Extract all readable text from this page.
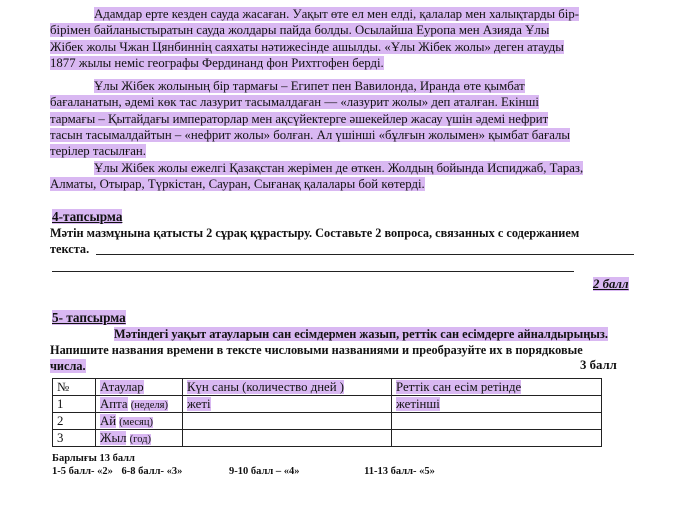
Адамдар ерте кезден сауда жасаған. Уақыт өте ел мен елді, қалалар мен халықтарды бір-
бірімен байланыстыратын сауда жолдары пайда болды. Осылайша Еуропа мен Азияда Ұлы
Жібек жолы Чжан Цянбиннің саяхаты нәтижесінде ашылды. «Ұлы Жібек жолы» деген атауды
1877 жылы неміс географы Фердинанд фон Рихтгофен берді.
Ұлы Жібек жолының бір тармағы – Египет пен Вавилонда, Иранда өте қымбат
бағаланатын, әдемі көк тас лазурит тасымалдаған — «лазурит жолы» деп аталған. Екінші
тармағы – Қытайдағы императорлар мен ақсүйектерге әшекейлер жасау үшін әдемі нефрит
тасын тасымалдайтын – «нефрит жолы» болған. Ал үшінші «бұлғын жолымен» қымбат бағалы
терілер тасылған.
Ұлы Жібек жолы ежелгі Қазақстан жерімен де өткен. Жолдың бойында Испиджаб, Тараз,
Алматы, Отырар, Түркістан, Сауран, Сығанақ қалалары бой көтерді.
4-тапсырма
Мәтін мазмұнына қатысты 2 сұрақ құрастыру. Составьте 2 вопроса, связанных с содержанием
текста.
2 балл
5- тапсырма
Мәтіндегі уақыт атауларын сан есімдермен жазып, реттік сан есімдерге айналдырыңыз.
Напишите названия времени в тексте числовыми названиями и преобразуйте их в порядковые
числа.	3 балл
№	Атаулар	Күн саны (количество дней )	Реттік сан есім ретінде
1	Апта (неделя)	жеті	жетінші
2	Ай (месяц)		
3	Жыл (год)		
Барлығы 13 балл
1-5 балл- «2» 6-8 балл- «3»	9-10 балл – «4»	11-13 балл- «5»
